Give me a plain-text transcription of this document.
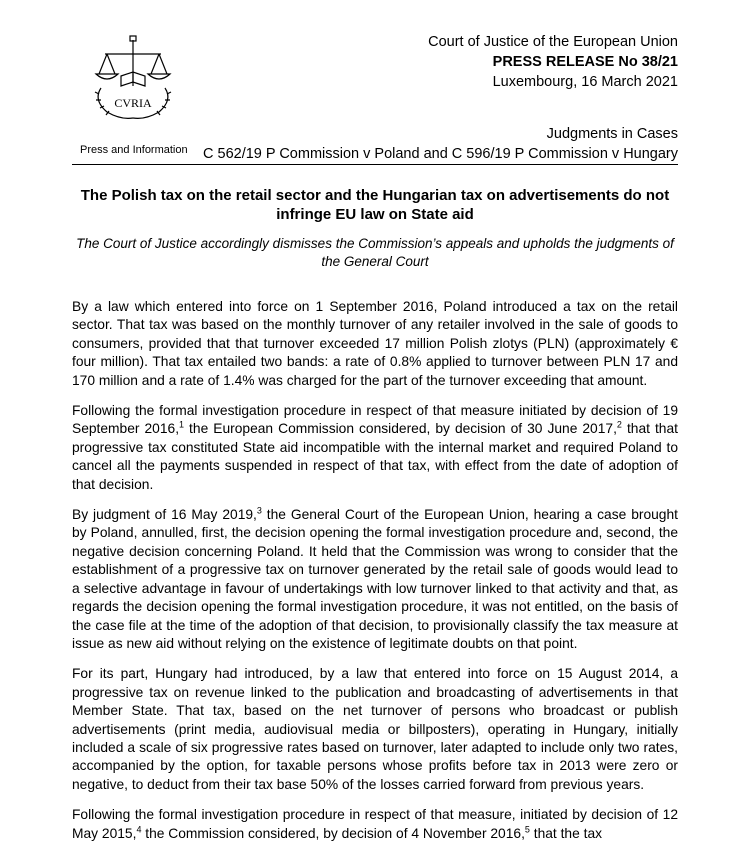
CVRIA
Press and Information
Court of Justice of the European Union
PRESS RELEASE No 38/21
Luxembourg, 16 March 2021
Judgments in Cases
C 562/19 P Commission v Poland and C 596/19 P Commission v Hungary
The Polish tax on the retail sector and the Hungarian tax on advertisements do not infringe EU law on State aid
The Court of Justice accordingly dismisses the Commission’s appeals and upholds the judgments of the General Court

By a law which entered into force on 1 September 2016, Poland introduced a tax on the retail sector. That tax was based on the monthly turnover of any retailer involved in the sale of goods to consumers, provided that that turnover exceeded 17 million Polish zlotys (PLN) (approximately € four million). That tax entailed two bands: a rate of 0.8% applied to turnover between PLN 17 and 170 million and a rate of 1.4% was charged for the part of the turnover exceeding that amount.

Following the formal investigation procedure in respect of that measure initiated by decision of 19 September 2016,$^1$ the European Commission considered, by decision of 30 June 2017,$^2$ that that progressive tax constituted State aid incompatible with the internal market and required Poland to cancel all the payments suspended in respect of that tax, with effect from the date of adoption of that decision.

By judgment of 16 May 2019,$^3$ the General Court of the European Union, hearing a case brought by Poland, annulled, first, the decision opening the formal investigation procedure and, second, the negative decision concerning Poland. It held that the Commission was wrong to consider that the establishment of a progressive tax on turnover generated by the retail sale of goods would lead to a selective advantage in favour of undertakings with low turnover linked to that activity and that, as regards the decision opening the formal investigation procedure, it was not entitled, on the basis of the case file at the time of the adoption of that decision, to provisionally classify the tax measure at issue as new aid without relying on the existence of legitimate doubts on that point.

For its part, Hungary had introduced, by a law that entered into force on 15 August 2014, a progressive tax on revenue linked to the publication and broadcasting of advertisements in that Member State. That tax, based on the net turnover of persons who broadcast or publish advertisements (print media, audiovisual media or billposters), operating in Hungary, initially included a scale of six progressive rates based on turnover, later adapted to include only two rates, accompanied by the option, for taxable persons whose profits before tax in 2013 were zero or negative, to deduct from their tax base 50% of the losses carried forward from previous years.

Following the formal investigation procedure in respect of that measure, initiated by decision of 12 May 2015,$^4$ the Commission considered, by decision of 4 November 2016,$^5$ that the tax
